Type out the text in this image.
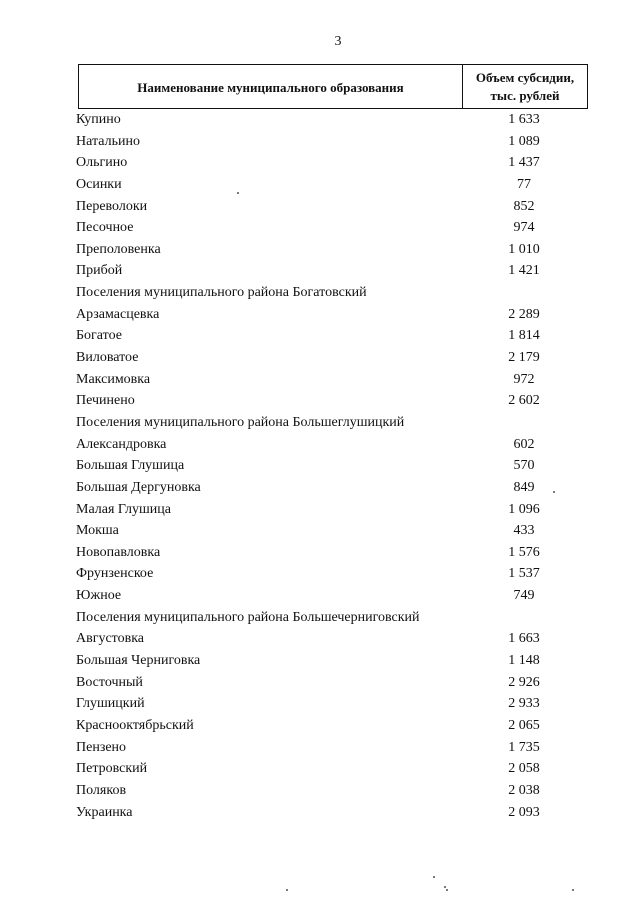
3
Наименование муниципального образования
Объем субсидии,
тыс. рублей
Купино	1 633
Натальино	1 089
Ольгино	1 437
Осинки	77
Переволоки	852
Песочное	974
Преполовенка	1 010
Прибой	1 421
Поселения муниципального района Богатовский
Арзамасцевка	2 289
Богатое	1 814
Виловатое	2 179
Максимовка	972
Печинено	2 602
Поселения муниципального района Большеглушицкий
Александровка	602
Большая Глушица	570
Большая Дергуновка	849
Малая Глушица	1 096
Мокша	433
Новопавловка	1 576
Фрунзенское	1 537
Южное	749
Поселения муниципального района Большечерниговский
Августовка	1 663
Большая Черниговка	1 148
Восточный	2 926
Глушицкий	2 933
Краснооктябрьский	2 065
Пензено	1 735
Петровский	2 058
Поляков	2 038
Украинка	2 093
